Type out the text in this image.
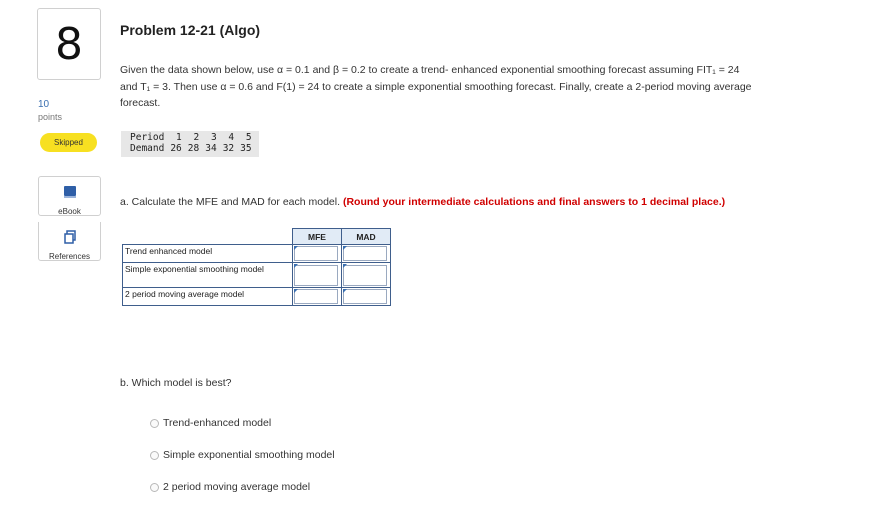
8
10
points
Skipped
eBook
References
Problem 12-21 (Algo)
Given the data shown below, use α = 0.1 and β = 0.2 to create a trend- enhanced exponential smoothing forecast assuming FIT₁ = 24
and T₁ = 3. Then use α = 0.6 and F(1) = 24 to create a simple exponential smoothing forecast. Finally, create a 2-period moving average
forecast.
Period	1	2	3	4	5
Demand	26	28	34	32	35
a. Calculate the MFE and MAD for each model. (Round your intermediate calculations and final answers to 1 decimal place.)
	MFE	MAD
Trend enhanced model	

Simple exponential smoothing model	

2 period moving average model	

b. Which model is best?
Trend-enhanced model
Simple exponential smoothing model
2 period moving average model
